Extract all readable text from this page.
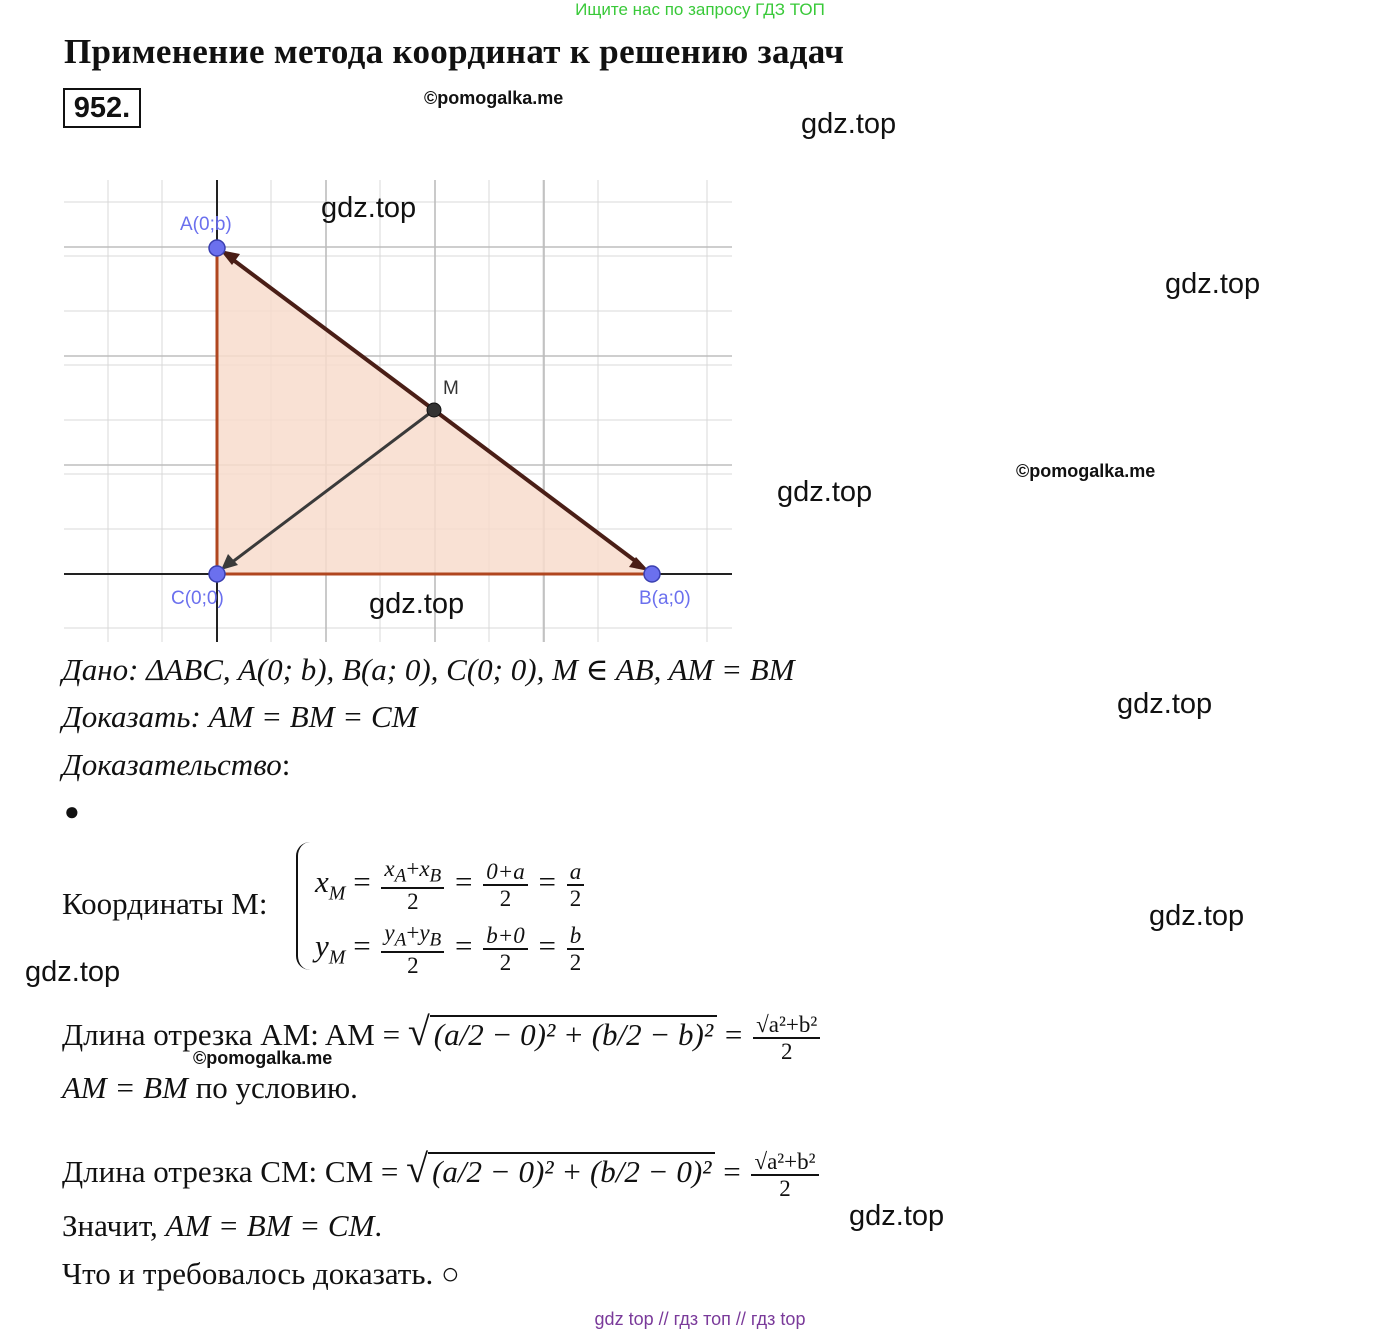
Ищите нас по запросу ГДЗ ТОП
Применение метода координат к решению задач
952.	©pomogalka.me
©pomogalka.me
©pomogalka.me
A(0;b)
M
C(0;0)	B(a;0)
Дано: ΔABC, A(0; b), B(a; 0), C(0; 0), M ∈ AB, AM = BM
Доказать: AM = BM = CM
Доказательство:
●
Координаты M:
$x_M = \frac{x_A+x_B}{2} = \frac{0+a}{2} = \frac{a}{2}$
$y_M = \frac{y_A+y_B}{2} = \frac{b+0}{2} = \frac{b}{2}$
Длина отрезка AM: AM = √ $(a/2 - 0)^2 + (b/2 - b)^2 = \frac{\text{√a²+b²}}{2}$
AM = BM по условию.
Длина отрезка CM: CM = √ $(a/2 - 0)^2 + (b/2 - 0)^2 = \frac{\text{√a²+b²}}{2}$
Значит, AM = BM = CM.
Что и требовалось доказать. ○
gdz.top
gdz.top
gdz.top
gdz.top
gdz.top
gdz.top
gdz.top
gdz.top
gdz.top
gdz top // гдз топ // гдз top
